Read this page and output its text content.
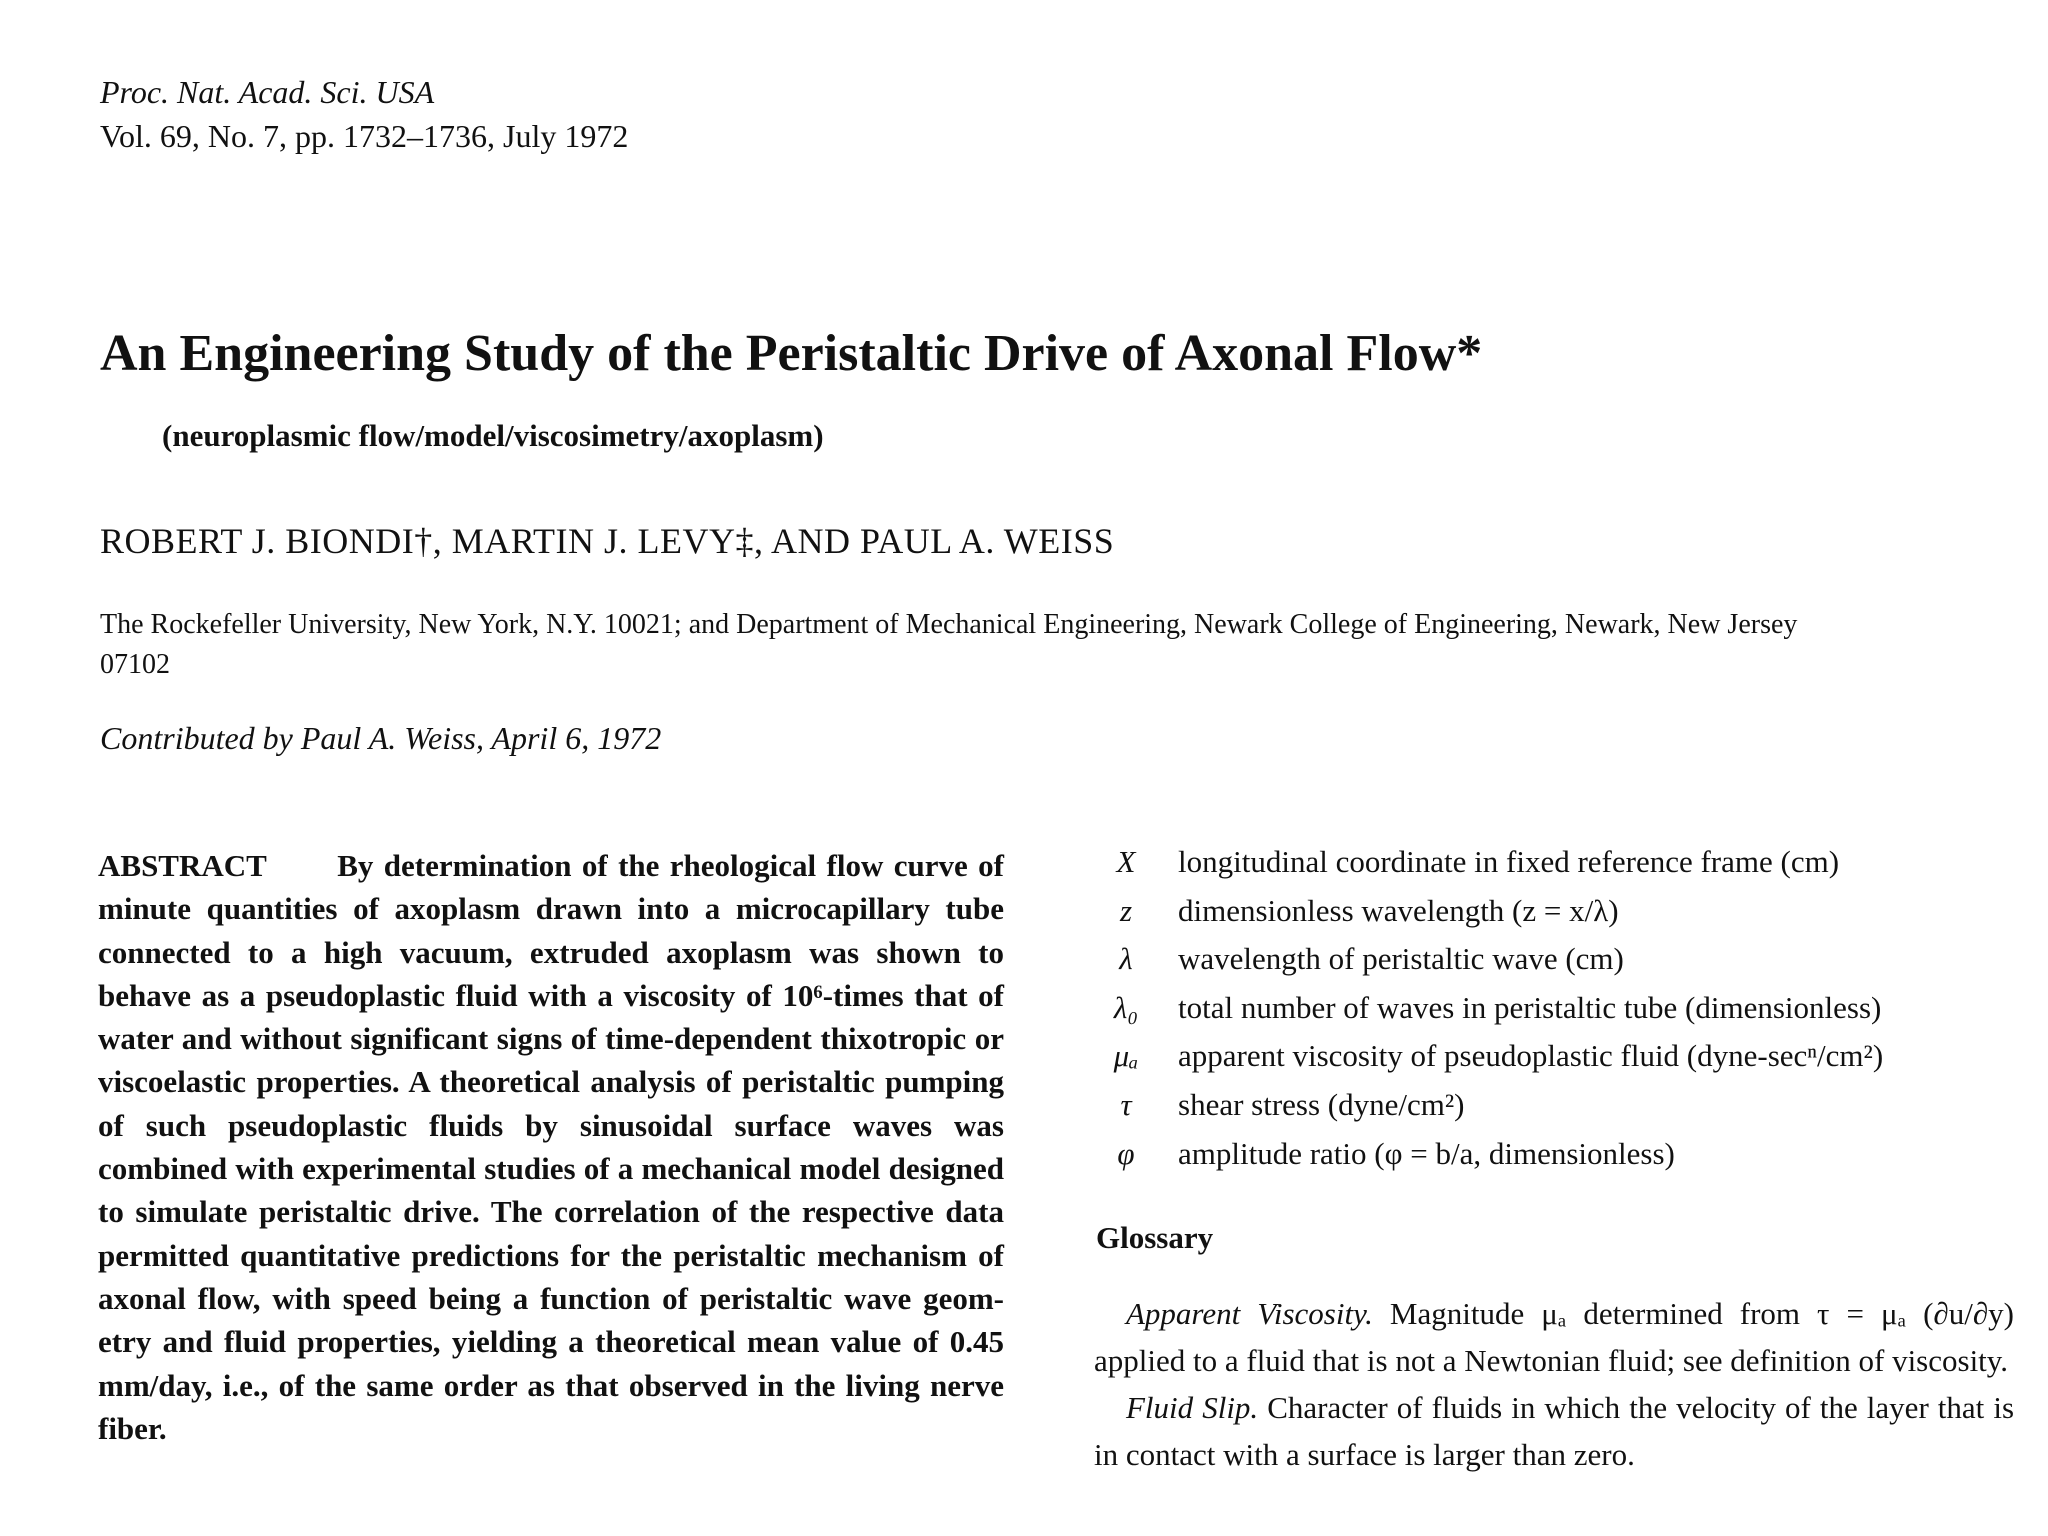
Proc. Nat. Acad. Sci. USA
Vol. 69, No. 7, pp. 1732–1736, July 1972
An Engineering Study of the Peristaltic Drive of Axonal Flow*
(neuroplasmic flow/model/viscosimetry/axoplasm)
ROBERT J. BIONDI†, MARTIN J. LEVY‡, AND PAUL A. WEISS
The Rockefeller University, New York, N.Y. 10021; and Department of Mechanical Engineering, Newark College of Engineering, Newark, New Jersey 07102
Contributed by Paul A. Weiss, April 6, 1972
ABSTRACT By determination of the rheological flow curve of minute quantities of axoplasm drawn into a microcapillary tube connected to a high vacuum, extruded axoplasm was shown to behave as a pseudoplastic fluid with a viscosity of 10⁶-times that of water and without significant signs of time-dependent thixotropic or viscoelastic properties. A theoretical analysis of peristaltic pumping of such pseudoplastic fluids by sinusoidal surface waves was combined with experimental studies of a mechanical model designed to simulate peristaltic drive. The correlation of the respective data permitted quantitative predictions for the peristaltic mechanism of axonal flow, with speed being a function of peristaltic wave geometry and fluid properties, yielding a theoretical mean value of 0.45 mm/day, i.e., of the same order as that observed in the living nerve fiber.
X	longitudinal coordinate in fixed reference frame (cm)
z	dimensionless wavelength (z = x/λ)
λ	wavelength of peristaltic wave (cm)
λ₀	total number of waves in peristaltic tube (dimensionless)
μₐ	apparent viscosity of pseudoplastic fluid (dyne-secⁿ/cm²)
τ	shear stress (dyne/cm²)
φ	amplitude ratio (φ = b/a, dimensionless)
Glossary

Apparent Viscosity. Magnitude μₐ determined from τ = μₐ (∂u/∂y) applied to a fluid that is not a Newtonian fluid; see definition of viscosity.

Fluid Slip. Character of fluids in which the velocity of the layer that is in contact with a surface is larger than zero.
